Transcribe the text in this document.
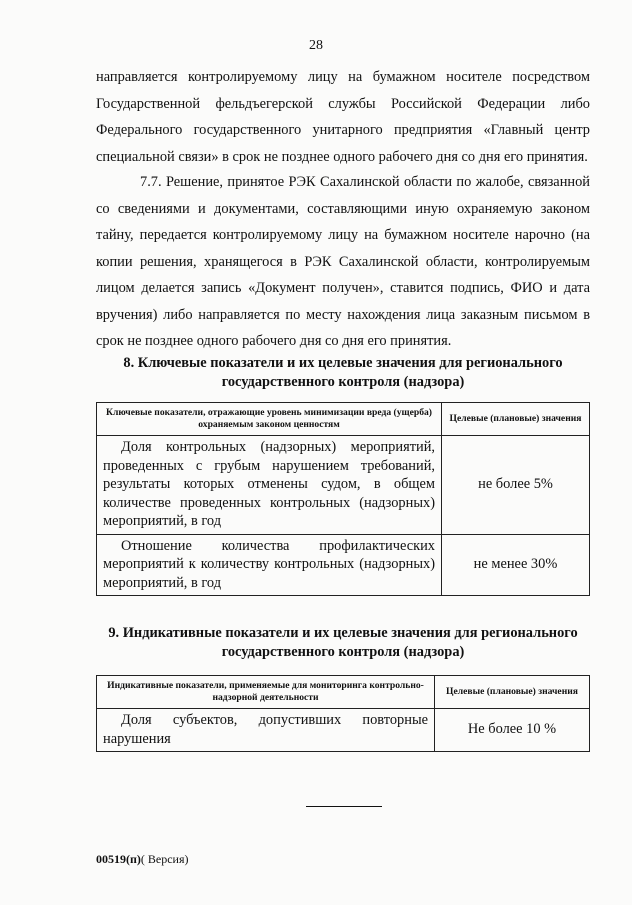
28

направляется контролируемому лицу на бумажном носителе посредством Государственной фельдъегерской службы Российской Федерации либо Федерального государственного унитарного предприятия «Главный центр специальной связи» в срок не позднее одного рабочего дня со дня его принятия.

7.7. Решение, принятое РЭК Сахалинской области по жалобе, связанной со сведениями и документами, составляющими иную охраняемую законом тайну, передается контролируемому лицу на бумажном носителе нарочно (на копии решения, хранящегося в РЭК Сахалинской области, контролируемым лицом делается запись «Документ получен», ставится подпись, ФИО и дата вручения) либо направляется по месту нахождения лица заказным письмом в срок не позднее одного рабочего дня со дня его принятия.

8. Ключевые показатели и их целевые значения для регионального государственного контроля (надзора)

Ключевые показатели, отражающие уровень минимизации вреда (ущерба) охраняемым законом ценностям	Целевые (плановые) значения
Доля контрольных (надзорных) мероприятий, проведенных с грубым нарушением требований, результаты которых отменены судом, в общем количестве проведенных контрольных (надзорных) мероприятий, в год	не более 5%
Отношение количества профилактических мероприятий к количеству контрольных (надзорных) мероприятий, в год	не менее 30%

9. Индикативные показатели и их целевые значения для регионального государственного контроля (надзора)

Индикативные показатели, применяемые для мониторинга контрольно-надзорной деятельности	Целевые (плановые) значения
Доля субъектов, допустивших повторные нарушения	Не более 10 %
00519(п)( Версия)
